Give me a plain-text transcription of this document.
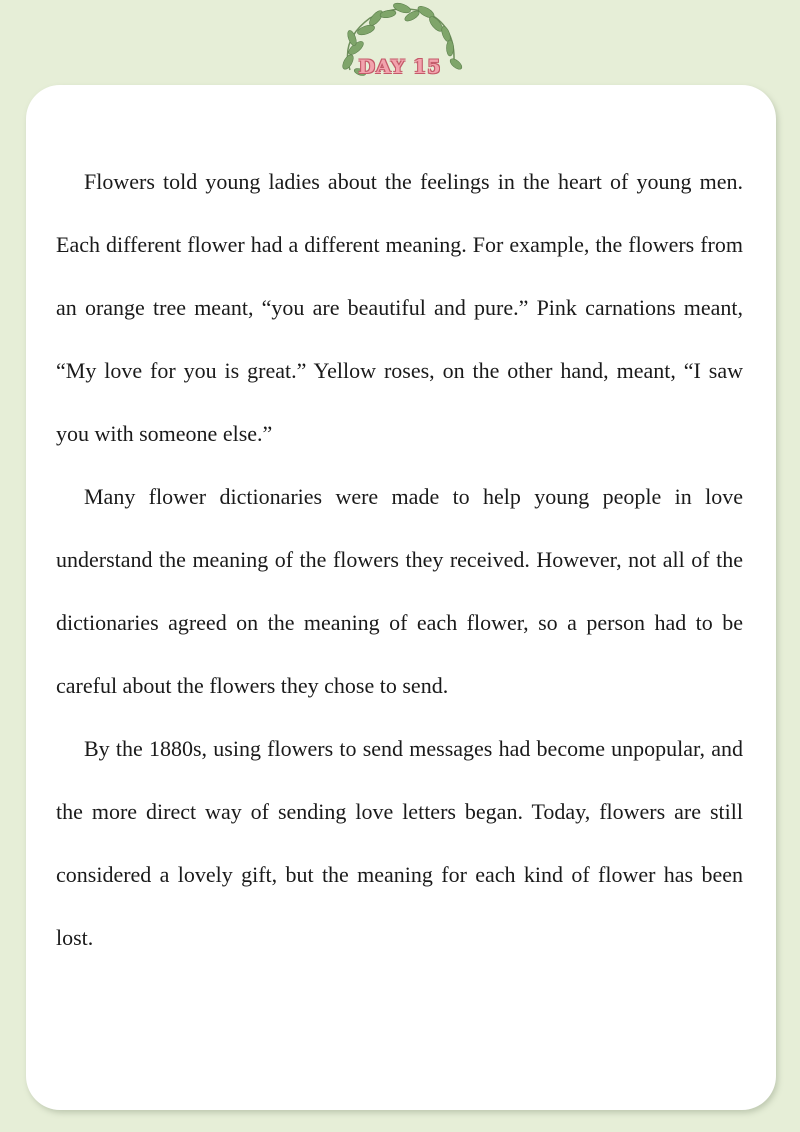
DAY 15

Flowers told young ladies about the feelings in the heart of young men. Each different flower had a different meaning. For example, the flowers from an orange tree meant, “you are beautiful and pure.” Pink carnations meant, “My love for you is great.” Yellow roses, on the other hand, meant, “I saw you with someone else.”

Many flower dictionaries were made to help young people in love understand the meaning of the flowers they received. However, not all of the dictionaries agreed on the meaning of each flower, so a person had to be careful about the flowers they chose to send.

By the 1880s, using flowers to send messages had become unpopular, and the more direct way of sending love letters began. Today, flowers are still considered a lovely gift, but the meaning for each kind of flower has been lost.
